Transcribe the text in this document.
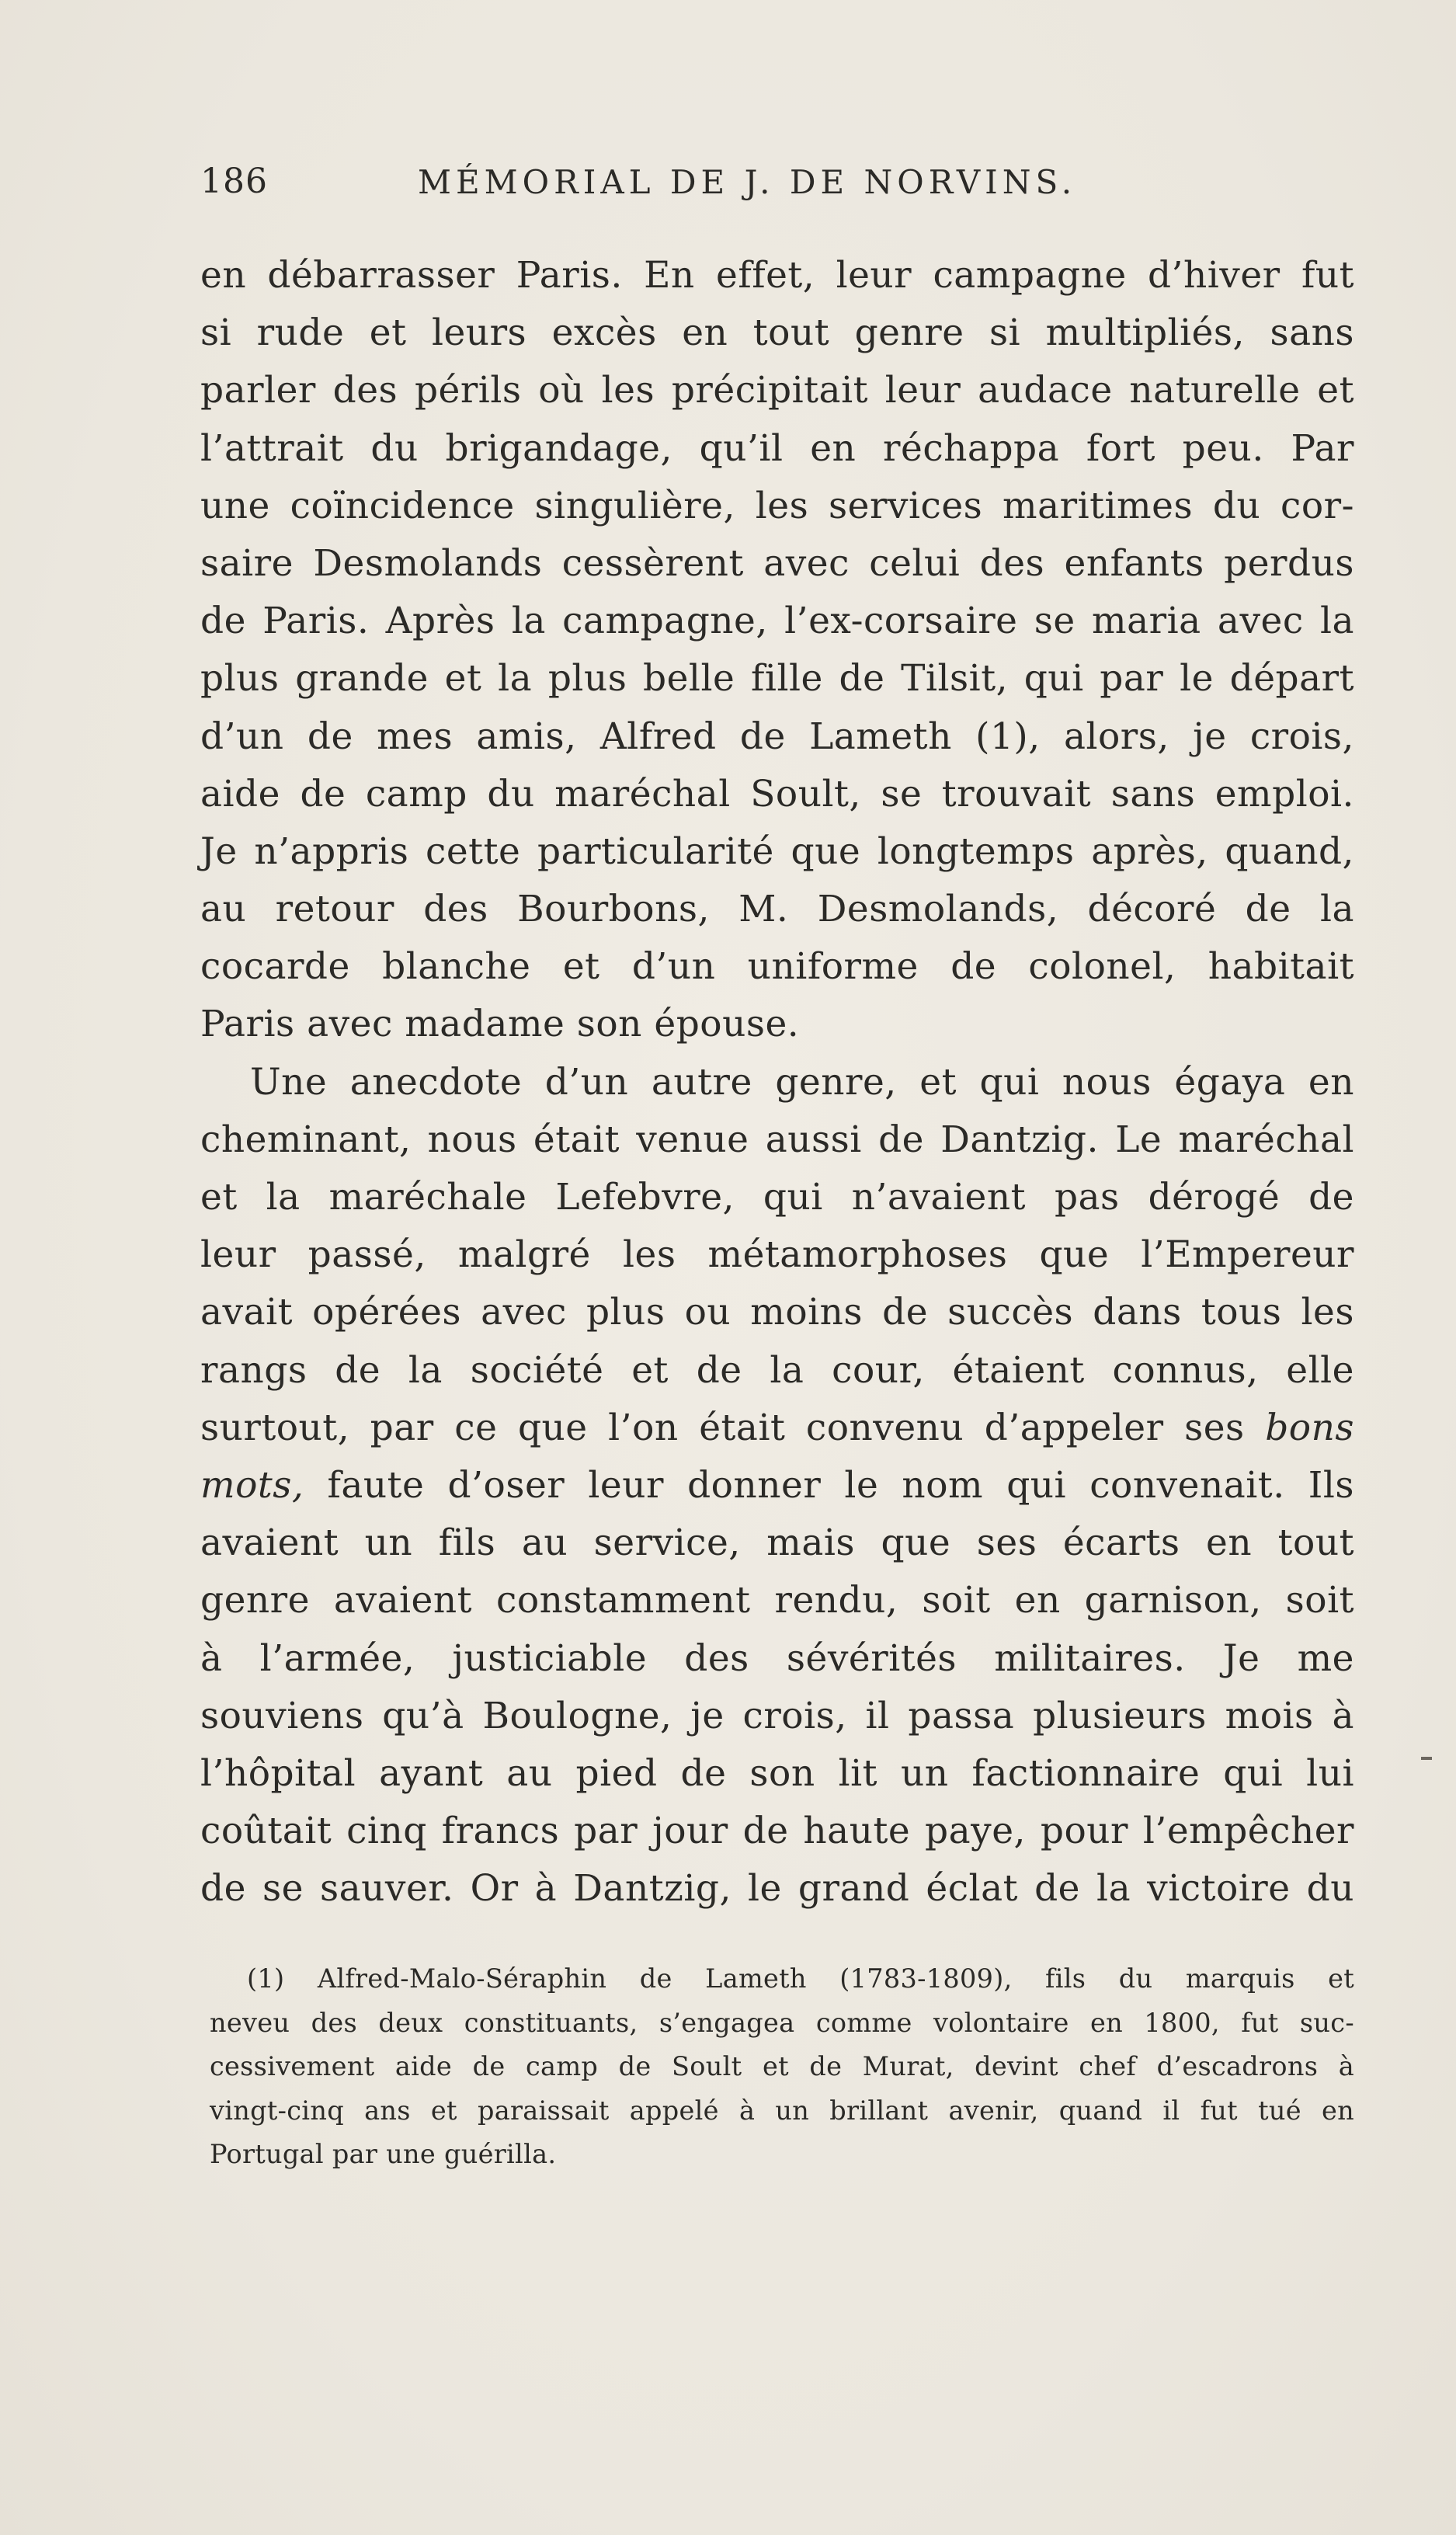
186	MÉMORIAL DE J. DE NORVINS.
en débarrasser Paris. En effet, leur campagne d’hiver fut
si rude et leurs excès en tout genre si multipliés, sans
parler des périls où les précipitait leur audace naturelle et
l’attrait du brigandage, qu’il en réchappa fort peu. Par
une coïncidence singulière, les services maritimes du cor-
saire Desmolands cessèrent avec celui des enfants perdus
de Paris. Après la campagne, l’ex-corsaire se maria avec la
plus grande et la plus belle fille de Tilsit, qui par le départ
d’un de mes amis, Alfred de Lameth (1), alors, je crois,
aide de camp du maréchal Soult, se trouvait sans emploi.
Je n’appris cette particularité que longtemps après, quand,
au retour des Bourbons, M. Desmolands, décoré de la
cocarde blanche et d’un uniforme de colonel, habitait
Paris avec madame son épouse.
Une anecdote d’un autre genre, et qui nous égaya en
cheminant, nous était venue aussi de Dantzig. Le maréchal
et la maréchale Lefebvre, qui n’avaient pas dérogé de
leur passé, malgré les métamorphoses que l’Empereur
avait opérées avec plus ou moins de succès dans tous les
rangs de la société et de la cour, étaient connus, elle
surtout, par ce que l’on était convenu d’appeler ses bons
mots, faute d’oser leur donner le nom qui convenait. Ils
avaient un fils au service, mais que ses écarts en tout
genre avaient constamment rendu, soit en garnison, soit
à l’armée, justiciable des sévérités militaires. Je me
souviens qu’à Boulogne, je crois, il passa plusieurs mois à
l’hôpital ayant au pied de son lit un factionnaire qui lui
coûtait cinq francs par jour de haute paye, pour l’empêcher
de se sauver. Or à Dantzig, le grand éclat de la victoire du
(1) Alfred-Malo-Séraphin de Lameth (1783-1809), fils du marquis et
neveu des deux constituants, s’engagea comme volontaire en 1800, fut suc-
cessivement aide de camp de Soult et de Murat, devint chef d’escadrons à
vingt-cinq ans et paraissait appelé à un brillant avenir, quand il fut tué en
Portugal par une guérilla.
